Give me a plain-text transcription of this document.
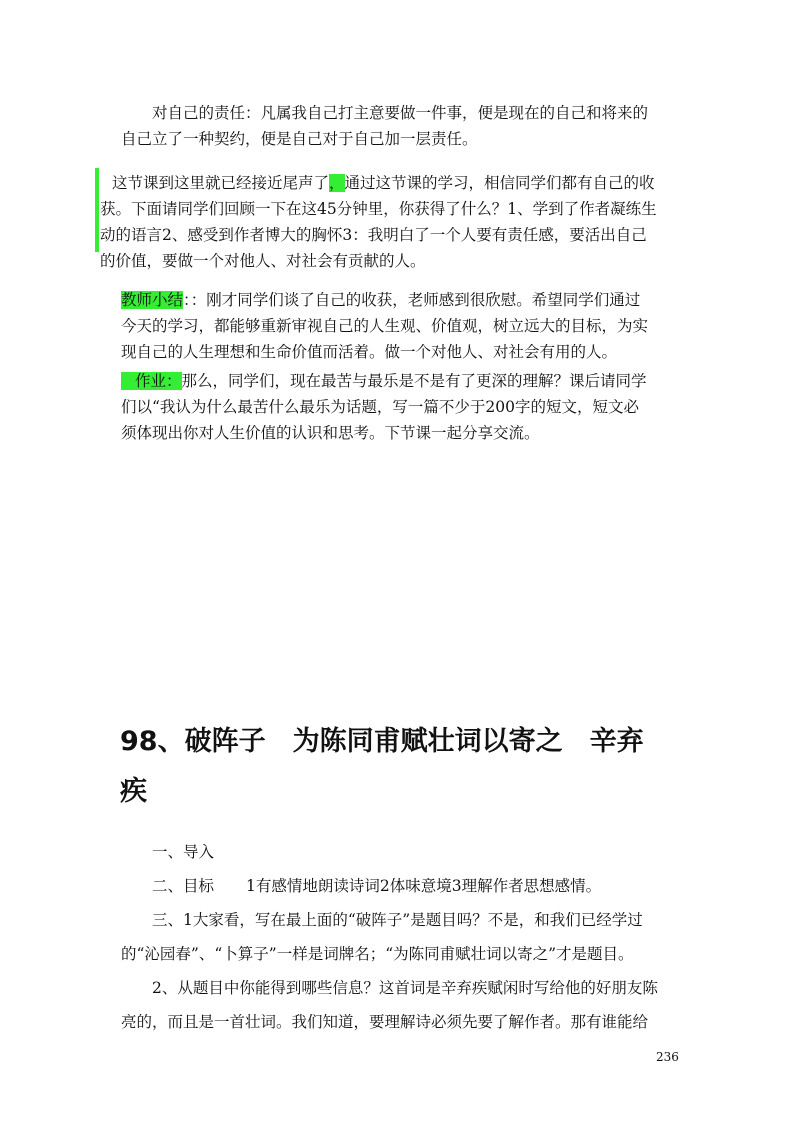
对自己的责任：凡属我自己打主意要做一件事，便是现在的自己和将来的
自己立了一种契约，便是自己对于自己加一层责任。
这节课到这里就已经接近尾声了，通过这节课的学习，相信同学们都有自己的收
获。下面请同学们回顾一下在这45分钟里，你获得了什么？1、学到了作者凝练生
动的语言2、感受到作者博大的胸怀3：我明白了一个人要有责任感，要活出自己
的价值，要做一个对他人、对社会有贡献的人。
教师小结：：刚才同学们谈了自己的收获，老师感到很欣慰。希望同学们通过
今天的学习，都能够重新审视自己的人生观、价值观，树立远大的目标，为实
现自己的人生理想和生命价值而活着。做一个对他人、对社会有用的人。
作业：那么，同学们，现在最苦与最乐是不是有了更深的理解？课后请同学
们以“我认为什么最苦什么最乐为话题，写一篇不少于200字的短文，短文必
须体现出你对人生价值的认识和思考。下节课一起分享交流。
98、破阵子　为陈同甫赋壮词以寄之　辛弃
疾
一、导入
二、目标 1有感情地朗读诗词2体味意境3理解作者思想感情。
三、1大家看，写在最上面的“破阵子”是题目吗？不是，和我们已经学过
的“沁园春”、“卜算子”一样是词牌名；“为陈同甫赋壮词以寄之”才是题目。
2、从题目中你能得到哪些信息？这首词是辛弃疾赋闲时写给他的好朋友陈
亮的，而且是一首壮词。我们知道，要理解诗必须先要了解作者。那有谁能给
236
